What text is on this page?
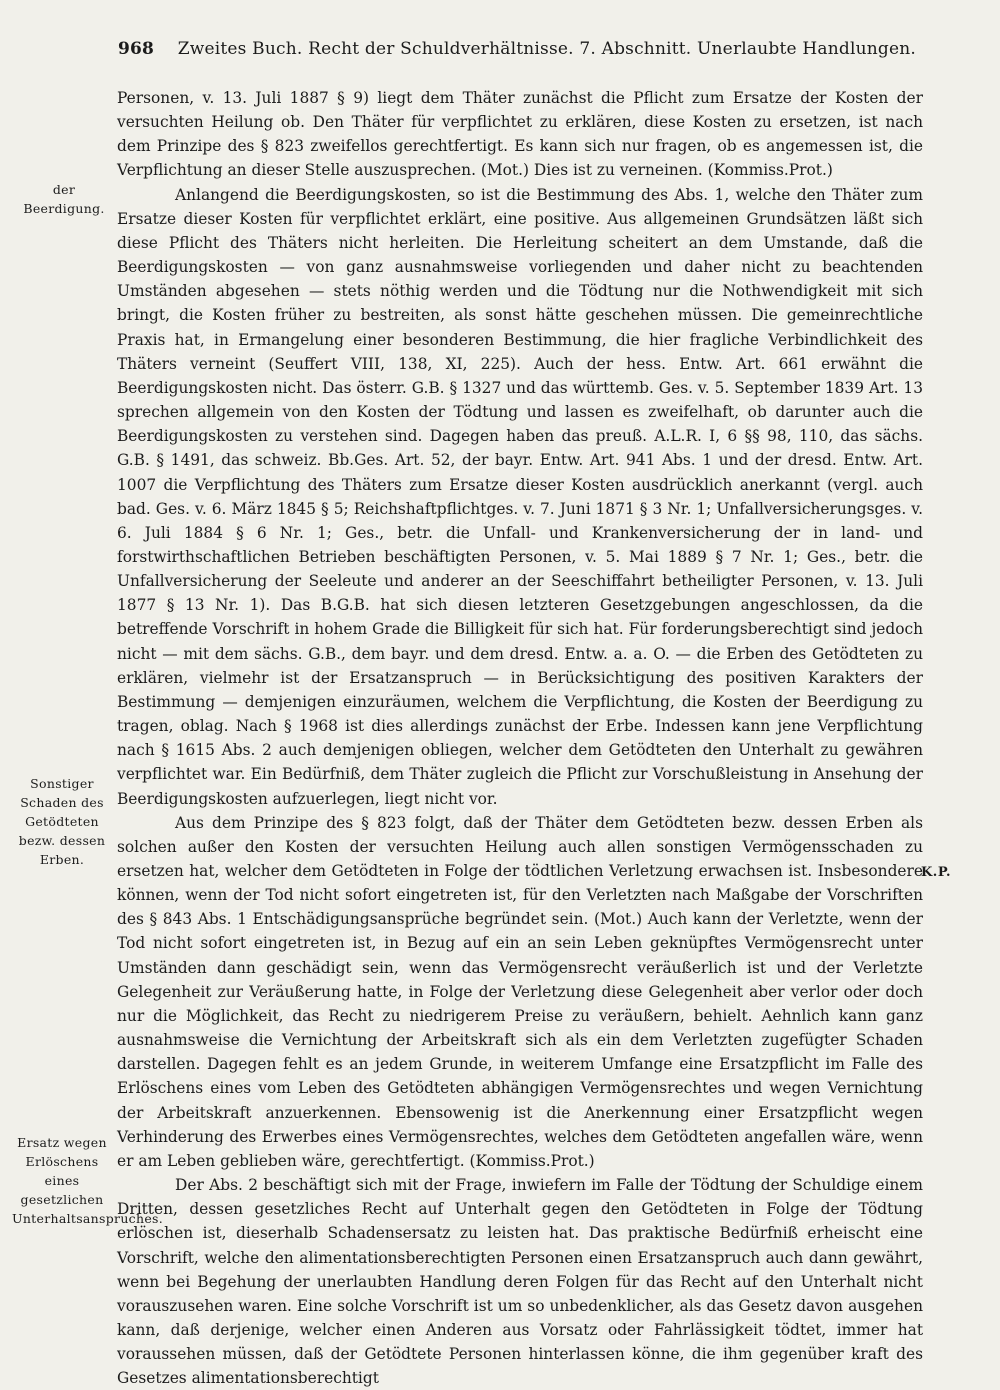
968 Zweites Buch. Recht der Schuldverhältnisse. 7. Abschnitt. Unerlaubte Handlungen.
der Beerdigung.
Sonstiger Schaden des Getödteten bezw. dessen Erben.
Ersatz wegen Erlöschens eines gesetzlichen Unterhaltsanspruches.
K.P.

Personen, v. 13. Juli 1887 § 9) liegt dem Thäter zunächst die Pflicht zum Ersatze der Kosten der versuchten Heilung ob. Den Thäter für verpflichtet zu erklären, diese Kosten zu ersetzen, ist nach dem Prinzipe des § 823 zweifellos gerechtfertigt. Es kann sich nur fragen, ob es angemessen ist, die Verpflichtung an dieser Stelle auszusprechen. (Mot.) Dies ist zu verneinen. (Kommiss.Prot.)

Anlangend die Beerdigungskosten, so ist die Bestimmung des Abs. 1, welche den Thäter zum Ersatze dieser Kosten für verpflichtet erklärt, eine positive. Aus allgemeinen Grundsätzen läßt sich diese Pflicht des Thäters nicht herleiten. Die Herleitung scheitert an dem Umstande, daß die Beerdigungskosten — von ganz ausnahmsweise vorliegenden und daher nicht zu beachtenden Umständen abgesehen — stets nöthig werden und die Tödtung nur die Nothwendigkeit mit sich bringt, die Kosten früher zu bestreiten, als sonst hätte geschehen müssen. Die gemeinrechtliche Praxis hat, in Ermangelung einer besonderen Bestimmung, die hier fragliche Verbindlichkeit des Thäters verneint (Seuffert VIII, 138, XI, 225). Auch der hess. Entw. Art. 661 erwähnt die Beerdigungskosten nicht. Das österr. G.B. § 1327 und das württemb. Ges. v. 5. September 1839 Art. 13 sprechen allgemein von den Kosten der Tödtung und lassen es zweifelhaft, ob darunter auch die Beerdigungskosten zu verstehen sind. Dagegen haben das preuß. A.L.R. I, 6 §§ 98, 110, das sächs. G.B. § 1491, das schweiz. Bb.Ges. Art. 52, der bayr. Entw. Art. 941 Abs. 1 und der dresd. Entw. Art. 1007 die Verpflichtung des Thäters zum Ersatze dieser Kosten ausdrücklich anerkannt (vergl. auch bad. Ges. v. 6. März 1845 § 5; Reichshaftpflichtges. v. 7. Juni 1871 § 3 Nr. 1; Unfallversicherungsges. v. 6. Juli 1884 § 6 Nr. 1; Ges., betr. die Unfall- und Krankenversicherung der in land- und forstwirthschaftlichen Betrieben beschäftigten Personen, v. 5. Mai 1889 § 7 Nr. 1; Ges., betr. die Unfallversicherung der Seeleute und anderer an der Seeschiffahrt betheiligter Personen, v. 13. Juli 1877 § 13 Nr. 1). Das B.G.B. hat sich diesen letzteren Gesetzgebungen angeschlossen, da die betreffende Vorschrift in hohem Grade die Billigkeit für sich hat. Für forderungsberechtigt sind jedoch nicht — mit dem sächs. G.B., dem bayr. und dem dresd. Entw. a. a. O. — die Erben des Getödteten zu erklären, vielmehr ist der Ersatzanspruch — in Berücksichtigung des positiven Karakters der Bestimmung — demjenigen einzuräumen, welchem die Verpflichtung, die Kosten der Beerdigung zu tragen, oblag. Nach § 1968 ist dies allerdings zunächst der Erbe. Indessen kann jene Verpflichtung nach § 1615 Abs. 2 auch demjenigen obliegen, welcher dem Getödteten den Unterhalt zu gewähren verpflichtet war. Ein Bedürfniß, dem Thäter zugleich die Pflicht zur Vorschußleistung in Ansehung der Beerdigungskosten aufzuerlegen, liegt nicht vor.

Aus dem Prinzipe des § 823 folgt, daß der Thäter dem Getödteten bezw. dessen Erben als solchen außer den Kosten der versuchten Heilung auch allen sonstigen Vermögensschaden zu ersetzen hat, welcher dem Getödteten in Folge der tödtlichen Verletzung erwachsen ist. Insbesondere können, wenn der Tod nicht sofort eingetreten ist, für den Verletzten nach Maßgabe der Vorschriften des § 843 Abs. 1 Entschädigungsansprüche begründet sein. (Mot.) Auch kann der Verletzte, wenn der Tod nicht sofort eingetreten ist, in Bezug auf ein an sein Leben geknüpftes Vermögensrecht unter Umständen dann geschädigt sein, wenn das Vermögensrecht veräußerlich ist und der Verletzte Gelegenheit zur Veräußerung hatte, in Folge der Verletzung diese Gelegenheit aber verlor oder doch nur die Möglichkeit, das Recht zu niedrigerem Preise zu veräußern, behielt. Aehnlich kann ganz ausnahmsweise die Vernichtung der Arbeitskraft sich als ein dem Verletzten zugefügter Schaden darstellen. Dagegen fehlt es an jedem Grunde, in weiterem Umfange eine Ersatzpflicht im Falle des Erlöschens eines vom Leben des Getödteten abhängigen Vermögensrechtes und wegen Vernichtung der Arbeitskraft anzuerkennen. Ebensowenig ist die Anerkennung einer Ersatzpflicht wegen Verhinderung des Erwerbes eines Vermögensrechtes, welches dem Getödteten angefallen wäre, wenn er am Leben geblieben wäre, gerechtfertigt. (Kommiss.Prot.)

Der Abs. 2 beschäftigt sich mit der Frage, inwiefern im Falle der Tödtung der Schuldige einem Dritten, dessen gesetzliches Recht auf Unterhalt gegen den Getödteten in Folge der Tödtung erlöschen ist, dieserhalb Schadensersatz zu leisten hat. Das praktische Bedürfniß erheischt eine Vorschrift, welche den alimentationsberechtigten Personen einen Ersatzanspruch auch dann gewährt, wenn bei Begehung der unerlaubten Handlung deren Folgen für das Recht auf den Unterhalt nicht vorauszusehen waren. Eine solche Vorschrift ist um so unbedenklicher, als das Gesetz davon ausgehen kann, daß derjenige, welcher einen Anderen aus Vorsatz oder Fahrlässigkeit tödtet, immer hat voraussehen müssen, daß der Getödtete Personen hinterlassen könne, die ihm gegenüber kraft des Gesetzes alimentationsberechtigt
